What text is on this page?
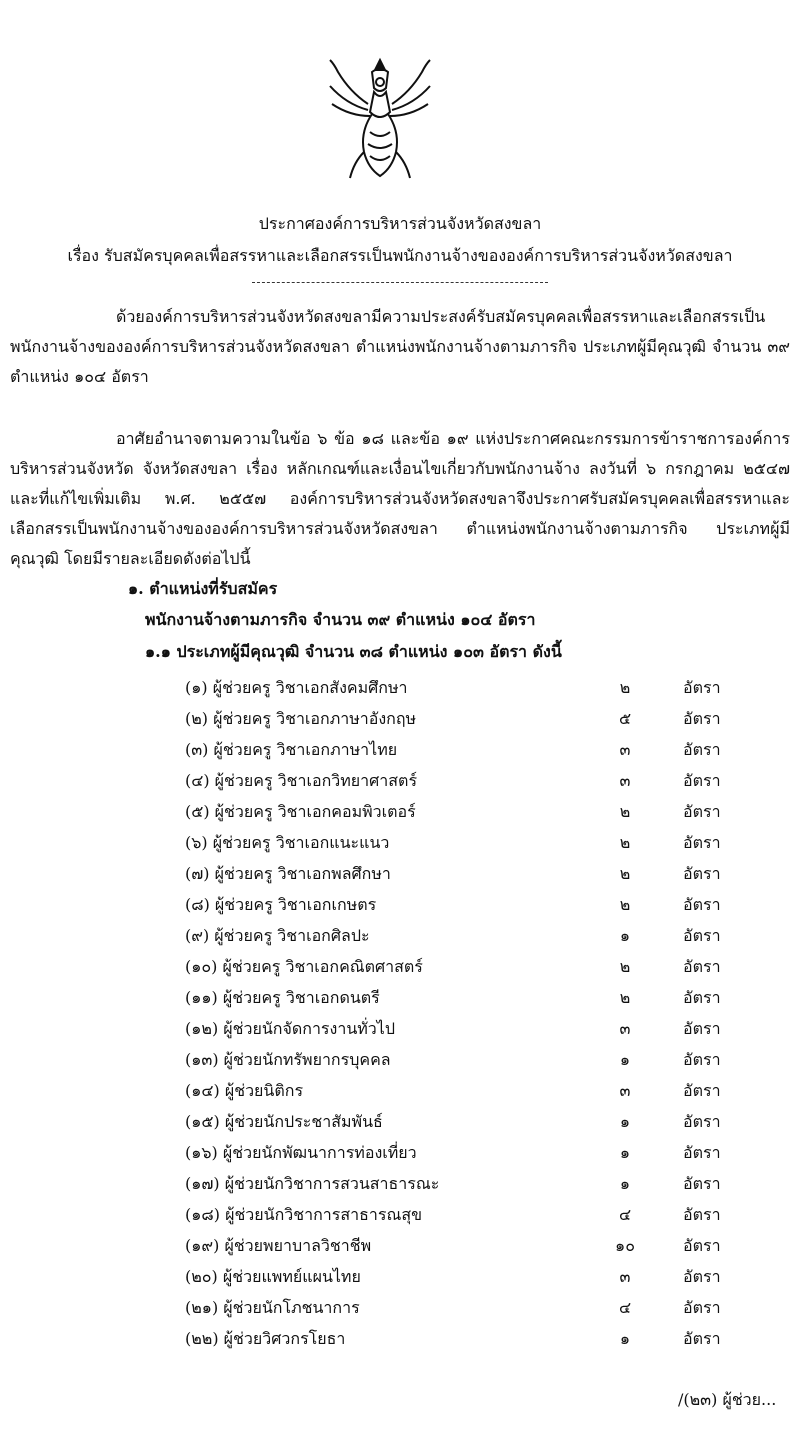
ประกาศองค์การบริหารส่วนจังหวัดสงขลา
เรื่อง รับสมัครบุคคลเพื่อสรรหาและเลือกสรรเป็นพนักงานจ้างขององค์การบริหารส่วนจังหวัดสงขลา

ด้วยองค์การบริหารส่วนจังหวัดสงขลามีความประสงค์รับสมัครบุคคลเพื่อสรรหาและเลือกสรรเป็นพนักงานจ้างขององค์การบริหารส่วนจังหวัดสงขลา ตำแหน่งพนักงานจ้างตามภารกิจ ประเภทผู้มีคุณวุฒิ จำนวน ๓๙ ตำแหน่ง ๑๐๔ อัตรา

อาศัยอำนาจตามความในข้อ ๖ ข้อ ๑๘ และข้อ ๑๙ แห่งประกาศคณะกรรมการข้าราชการองค์การบริหารส่วนจังหวัด จังหวัดสงขลา เรื่อง หลักเกณฑ์และเงื่อนไขเกี่ยวกับพนักงานจ้าง ลงวันที่ ๖ กรกฎาคม ๒๕๔๗ และที่แก้ไขเพิ่มเติม พ.ศ. ๒๕๕๗ องค์การบริหารส่วนจังหวัดสงขลาจึงประกาศรับสมัครบุคคลเพื่อสรรหาและเลือกสรรเป็นพนักงานจ้างขององค์การบริหารส่วนจังหวัดสงขลา ตำแหน่งพนักงานจ้างตามภารกิจ ประเภทผู้มีคุณวุฒิ โดยมีรายละเอียดดังต่อไปนี้

๑. ตำแหน่งที่รับสมัคร
พนักงานจ้างตามภารกิจ จำนวน ๓๙ ตำแหน่ง ๑๐๔ อัตรา
๑.๑ ประเภทผู้มีคุณวุฒิ จำนวน ๓๘ ตำแหน่ง ๑๐๓ อัตรา ดังนี้
(๑) ผู้ช่วยครู วิชาเอกสังคมศึกษา	๒	อัตรา
(๒) ผู้ช่วยครู วิชาเอกภาษาอังกฤษ	๕	อัตรา
(๓) ผู้ช่วยครู วิชาเอกภาษาไทย	๓	อัตรา
(๔) ผู้ช่วยครู วิชาเอกวิทยาศาสตร์	๓	อัตรา
(๕) ผู้ช่วยครู วิชาเอกคอมพิวเตอร์	๒	อัตรา
(๖) ผู้ช่วยครู วิชาเอกแนะแนว	๒	อัตรา
(๗) ผู้ช่วยครู วิชาเอกพลศึกษา	๒	อัตรา
(๘) ผู้ช่วยครู วิชาเอกเกษตร	๒	อัตรา
(๙) ผู้ช่วยครู วิชาเอกศิลปะ	๑	อัตรา
(๑๐) ผู้ช่วยครู วิชาเอกคณิตศาสตร์	๒	อัตรา
(๑๑) ผู้ช่วยครู วิชาเอกดนตรี	๒	อัตรา
(๑๒) ผู้ช่วยนักจัดการงานทั่วไป	๓	อัตรา
(๑๓) ผู้ช่วยนักทรัพยากรบุคคล	๑	อัตรา
(๑๔) ผู้ช่วยนิติกร	๓	อัตรา
(๑๕) ผู้ช่วยนักประชาสัมพันธ์	๑	อัตรา
(๑๖) ผู้ช่วยนักพัฒนาการท่องเที่ยว	๑	อัตรา
(๑๗) ผู้ช่วยนักวิชาการสวนสาธารณะ	๑	อัตรา
(๑๘) ผู้ช่วยนักวิชาการสาธารณสุข	๔	อัตรา
(๑๙) ผู้ช่วยพยาบาลวิชาชีพ	๑๐	อัตรา
(๒๐) ผู้ช่วยแพทย์แผนไทย	๓	อัตรา
(๒๑) ผู้ช่วยนักโภชนาการ	๔	อัตรา
(๒๒) ผู้ช่วยวิศวกรโยธา	๑	อัตรา
/(๒๓) ผู้ช่วย...
